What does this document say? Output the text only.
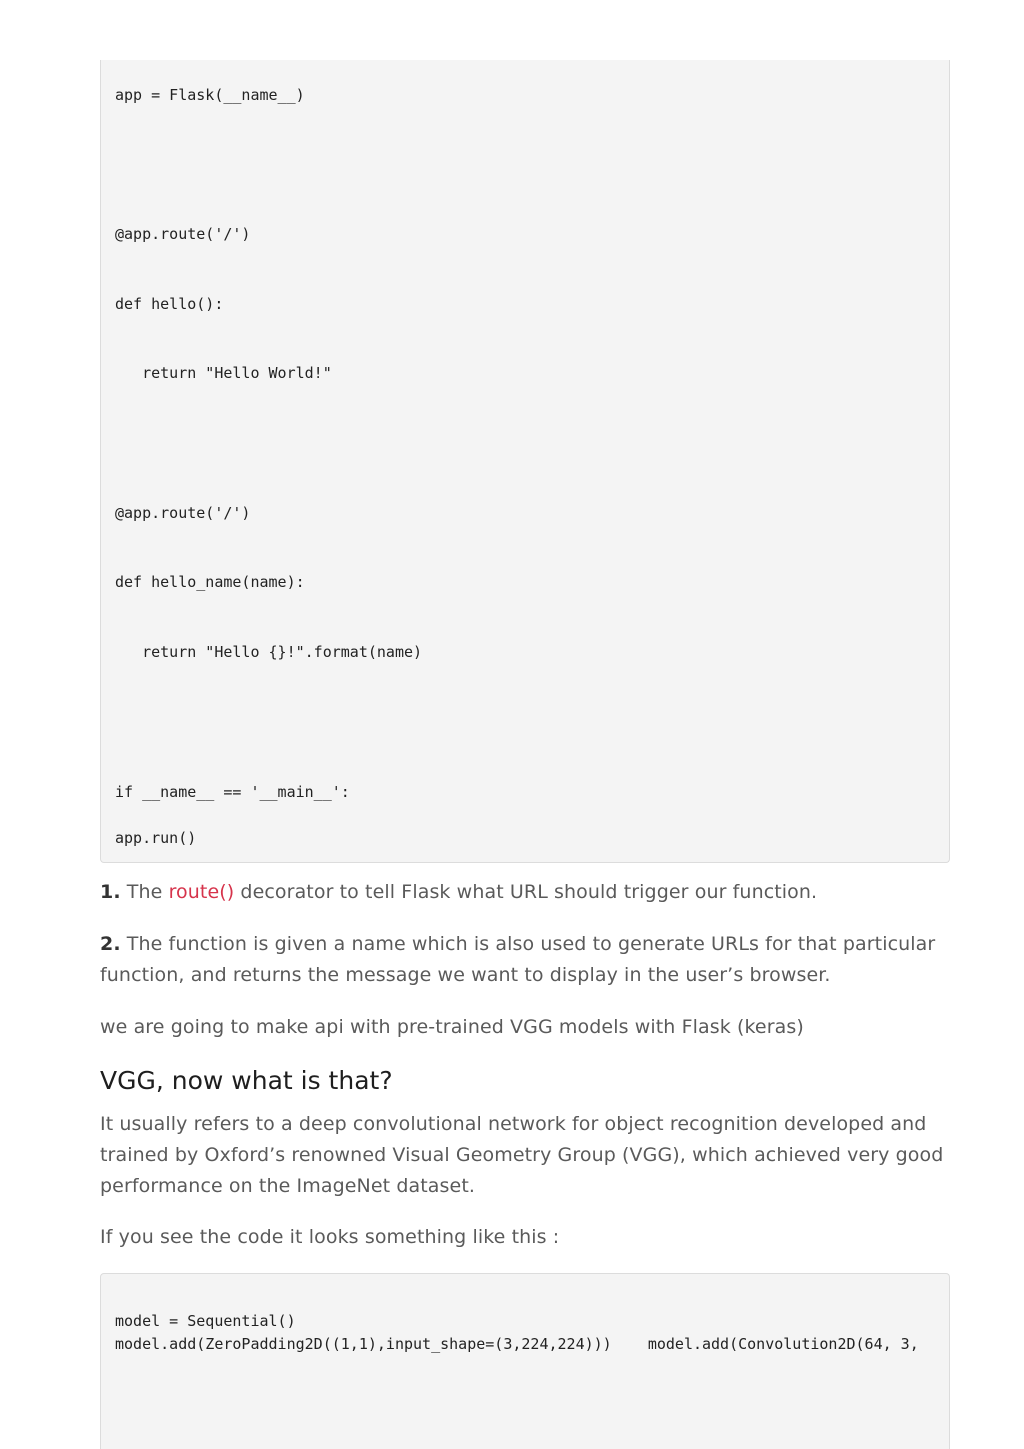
app = Flask(__name__)
@app.route('/')
def hello():
return "Hello World!"
@app.route('/')
def hello_name(name):
return "Hello {}!".format(name)
if __name__ == '__main__':
app.run()

1. The route() decorator to tell Flask what URL should trigger our function.

2. The function is given a name which is also used to generate URLs for that particular function, and returns the message we want to display in the user’s browser.

we are going to make api with pre-trained VGG models with Flask (keras)

VGG, now what is that?

It usually refers to a deep convolutional network for object recognition developed and trained by Oxford’s renowned Visual Geometry Group (VGG), which achieved very good performance on the ImageNet dataset.

If you see the code it looks something like this :

model = Sequential()
model.add(ZeroPadding2D((1,1),input_shape=(3,224,224)))    model.add(Convolution2D(64, 3,
